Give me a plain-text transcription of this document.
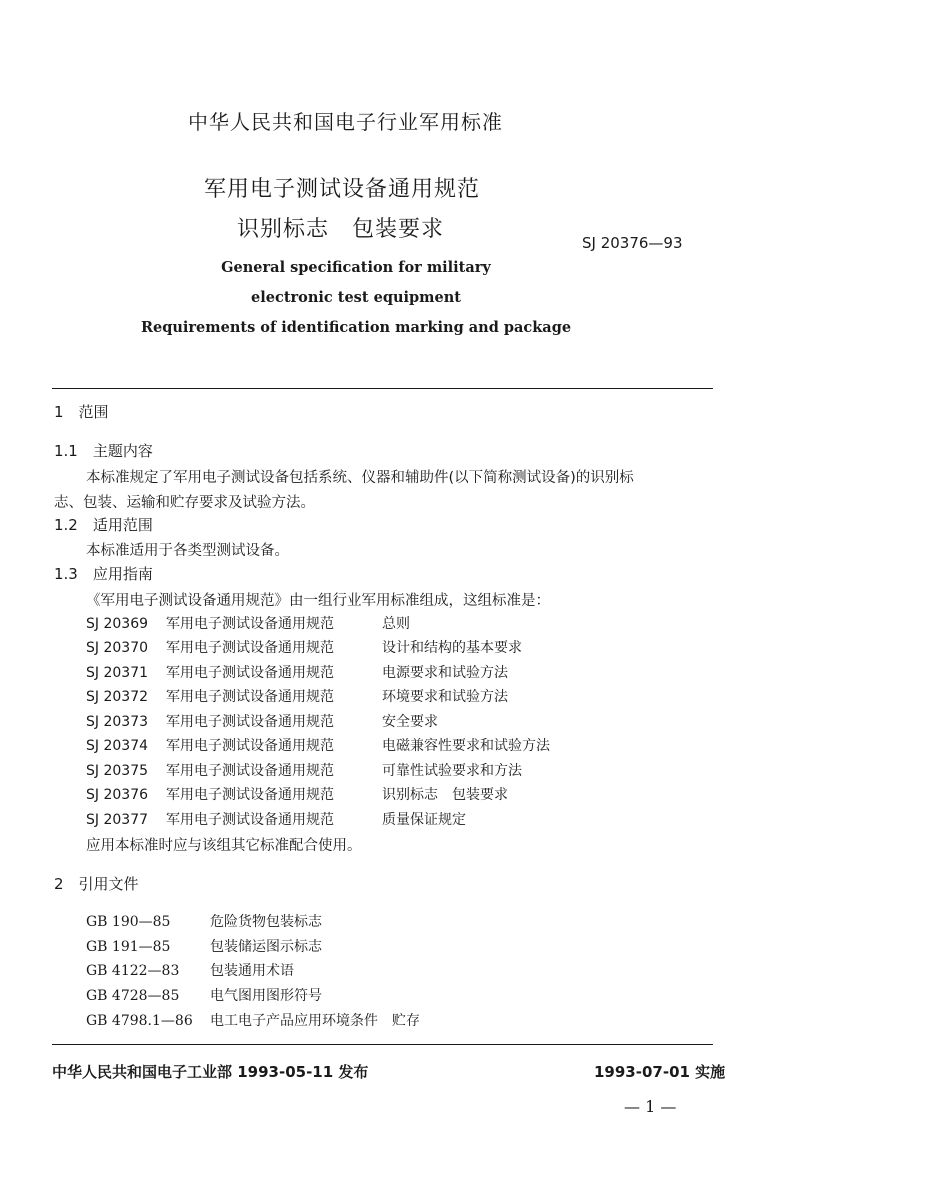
中华人民共和国电子行业军用标准
军用电子测试设备通用规范
识别标志　包装要求
SJ 20376—93
General specification for military
electronic test equipment
Requirements of identification marking and package
1　范围
1.1　主题内容
本标准规定了军用电子测试设备包括系统、仪器和辅助件(以下简称测试设备)的识别标
志、包装、运输和贮存要求及试验方法。
1.2　适用范围
本标准适用于各类型测试设备。
1.3　应用指南
《军用电子测试设备通用规范》由一组行业军用标准组成，这组标准是：
SJ 20369 军用电子测试设备通用规范	总则
SJ 20370 军用电子测试设备通用规范	设计和结构的基本要求
SJ 20371 军用电子测试设备通用规范	电源要求和试验方法
SJ 20372 军用电子测试设备通用规范	环境要求和试验方法
SJ 20373 军用电子测试设备通用规范	安全要求
SJ 20374 军用电子测试设备通用规范	电磁兼容性要求和试验方法
SJ 20375 军用电子测试设备通用规范	可靠性试验要求和方法
SJ 20376 军用电子测试设备通用规范	识别标志　包装要求
SJ 20377 军用电子测试设备通用规范	质量保证规定
应用本标准时应与该组其它标准配合使用。
2　引用文件
GB 190—85	危险货物包装标志
GB 191—85	包装储运图示标志
GB 4122—83 包装通用术语
GB 4728—85 电气图用图形符号
GB 4798.1—86 电工电子产品应用环境条件　贮存
中华人民共和国电子工业部 1993-05-11 发布	1993-07-01 实施
— 1 —
